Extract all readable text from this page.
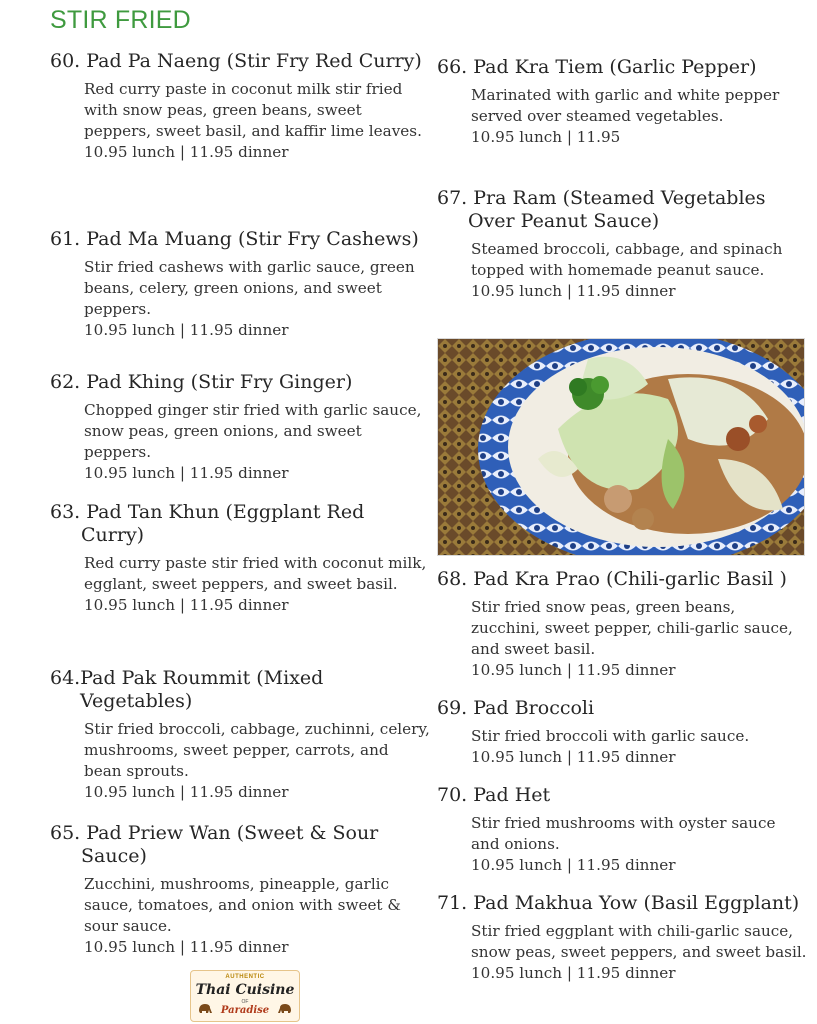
STIR FRIED
60. Pad Pa Naeng (Stir Fry Red Curry)

Red curry paste in coconut milk stir fried with snow peas, green beans, sweet peppers, sweet basil, and kaffir lime leaves.

10.95 lunch | 11.95 dinner

61. Pad Ma Muang (Stir Fry Cashews)

Stir fried cashews with garlic sauce, green beans, celery, green onions, and sweet peppers.

10.95 lunch | 11.95 dinner

62. Pad Khing (Stir Fry Ginger)

Chopped ginger stir fried with garlic sauce, snow peas, green onions, and sweet peppers.

10.95 lunch | 11.95 dinner

63. Pad Tan Khun (Eggplant Red Curry)

Red curry paste stir fried with coconut milk, egglant, sweet peppers, and sweet basil.

10.95 lunch | 11.95 dinner

64.Pad Pak Roummit (Mixed Vegetables)

Stir fried broccoli, cabbage, zuchinni, celery, mushrooms, sweet pepper, carrots, and bean sprouts.

10.95 lunch | 11.95 dinner

65. Pad Priew Wan (Sweet & Sour Sauce)

Zucchini, mushrooms, pineapple, garlic sauce, tomatoes, and onion with sweet & sour sauce.

10.95 lunch | 11.95 dinner

66. Pad Kra Tiem (Garlic Pepper)

Marinated with garlic and white pepper served over steamed vegetables.

10.95 lunch | 11.95

67. Pra Ram (Steamed Vegetables Over Peanut Sauce)

Steamed broccoli, cabbage, and spinach topped with homemade peanut sauce.

10.95 lunch | 11.95 dinner

68. Pad Kra Prao (Chili-garlic Basil )

Stir fried snow peas, green beans, zucchini, sweet pepper, chili-garlic sauce, and sweet basil.

10.95 lunch | 11.95 dinner

69. Pad Broccoli

Stir fried broccoli with garlic sauce.

10.95 lunch | 11.95 dinner

70. Pad Het

Stir fried mushrooms with oyster sauce and onions.

10.95 lunch | 11.95 dinner

71. Pad Makhua Yow (Basil Eggplant)

Stir fried eggplant with chili-garlic sauce, snow peas, sweet peppers, and sweet basil.

10.95 lunch | 11.95 dinner

AUTHENTIC
Thai Cuisine
OF
Paradise
